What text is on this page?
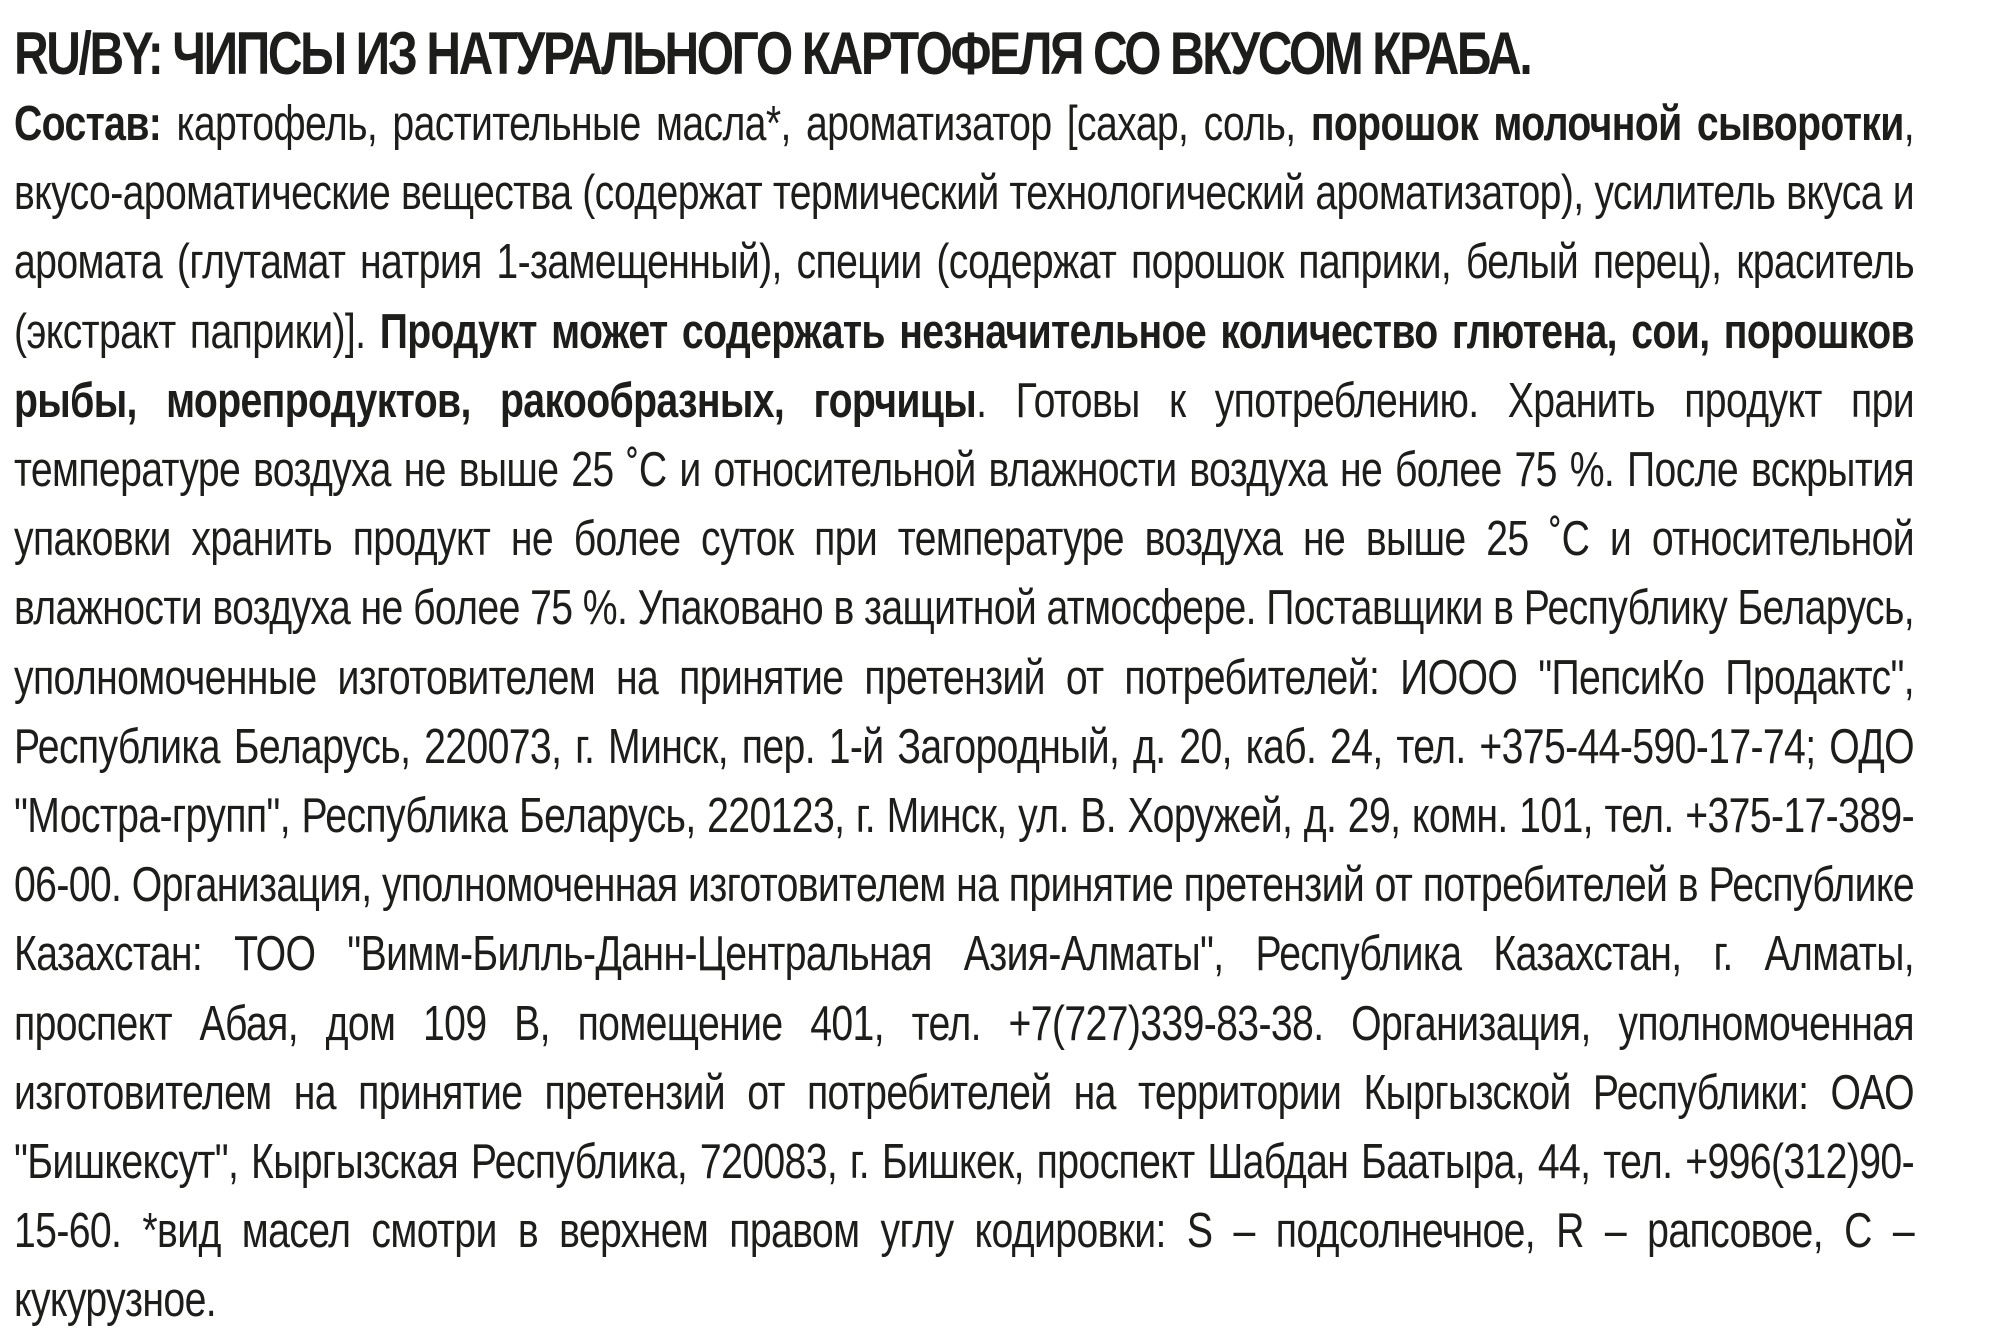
RU/BY: ЧИПСЫ ИЗ НАТУРАЛЬНОГО КАРТОФЕЛЯ СО ВКУСОМ КРАБА.

Состав: картофель, растительные масла*, ароматизатор [сахар, соль, порошок молочной сыворотки, вкусо-ароматические вещества (содержат термический технологический ароматизатор), усилитель вкуса и аромата (глутамат натрия 1-замещенный), специи (содержат порошок паприки, белый перец), краситель (экстракт паприки)]. Продукт может содержать незначительное количество глютена, сои, порошков рыбы, морепродуктов, ракообразных, горчицы. Готовы к употреблению. Хранить продукт при температуре воздуха не выше 25 ˚C и относительной влажности воздуха не более 75 %. После вскрытия упаковки хранить продукт не более суток при температуре воздуха не выше 25 ˚C и относительной влажности воздуха не более 75 %. Упаковано в защитной атмосфере. Поставщики в Республику Беларусь, уполномоченные изготовителем на принятие претензий от потребителей: ИООО "ПепсиКо Продактс", Республика Беларусь, 220073, г. Минск, пер. 1-й Загородный, д. 20, каб. 24, тел. +375-44-590-17-74; ОДО "Мостра-групп", Республика Беларусь, 220123, г. Минск, ул. В. Хоружей, д. 29, комн. 101, тел. +375-17-389-06-00. Организация, уполномоченная изготовителем на принятие претензий от потребителей в Республике Казахстан: ТОО "Вимм-Билль-Данн-Центральная Азия-Алматы", Республика Казахстан, г. Алматы, проспект Абая, дом 109 В, помещение 401, тел. +7(727)339-83-38. Организация, уполномоченная изготовителем на принятие претензий от потребителей на территории Кыргызской Республики: ОАО "Бишкексут", Кыргызская Республика, 720083, г. Бишкек, проспект Шабдан Баатыра, 44, тел. +996(312)90-15-60. *вид масел смотри в верхнем правом углу кодировки: S – подсолнечное, R – рапсовое, C – кукурузное.
